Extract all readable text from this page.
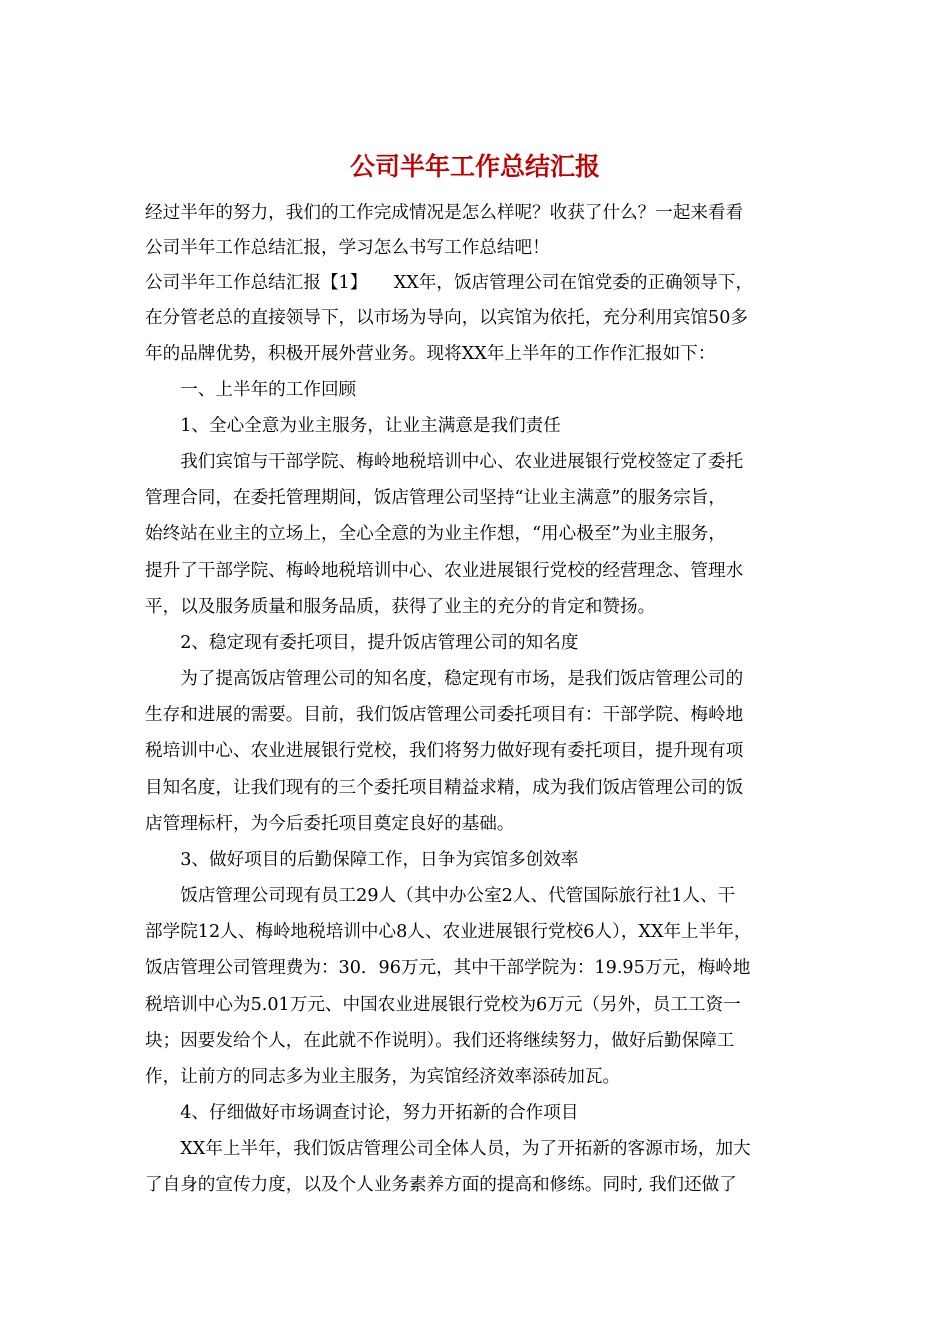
公司半年工作总结汇报
经过半年的努力，我们的工作完成情况是怎么样呢？收获了什么？一起来看看
公司半年工作总结汇报，学习怎么书写工作总结吧！
公司半年工作总结汇报【1】　　XX年，饭店管理公司在馆党委的正确领导下，
在分管老总的直接领导下，以市场为导向，以宾馆为依托，充分利用宾馆50多
年的品牌优势，积极开展外营业务。现将XX年上半年的工作作汇报如下：
　　一、上半年的工作回顾
　　1、全心全意为业主服务，让业主满意是我们责任
　　我们宾馆与干部学院、梅岭地税培训中心、农业进展银行党校签定了委托
管理合同，在委托管理期间，饭店管理公司坚持“让业主满意”的服务宗旨，
始终站在业主的立场上，全心全意的为业主作想，“用心极至”为业主服务，
提升了干部学院、梅岭地税培训中心、农业进展银行党校的经营理念、管理水
平，以及服务质量和服务品质，获得了业主的充分的肯定和赞扬。
　　2、稳定现有委托项目，提升饭店管理公司的知名度
　　为了提高饭店管理公司的知名度，稳定现有市场，是我们饭店管理公司的
生存和进展的需要。目前，我们饭店管理公司委托项目有：干部学院、梅岭地
税培训中心、农业进展银行党校，我们将努力做好现有委托项目，提升现有项
目知名度，让我们现有的三个委托项目精益求精，成为我们饭店管理公司的饭
店管理标杆，为今后委托项目奠定良好的基础。
　　3、做好项目的后勤保障工作，日争为宾馆多创效率
　　饭店管理公司现有员工29人（其中办公室2人、代管国际旅行社1人、干
部学院12人、梅岭地税培训中心8人、农业进展银行党校6人），XX年上半年，
饭店管理公司管理费为：30．96万元，其中干部学院为：19.95万元，梅岭地
税培训中心为5.01万元、中国农业进展银行党校为6万元（另外，员工工资一
块；因要发给个人，在此就不作说明）。我们还将继续努力，做好后勤保障工
作，让前方的同志多为业主服务，为宾馆经济效率添砖加瓦。
　　4、仔细做好市场调查讨论，努力开拓新的合作项目
　　XX年上半年，我们饭店管理公司全体人员，为了开拓新的客源市场，加大
了自身的宣传力度，以及个人业务素养方面的提高和修练。同时, 我们还做了
